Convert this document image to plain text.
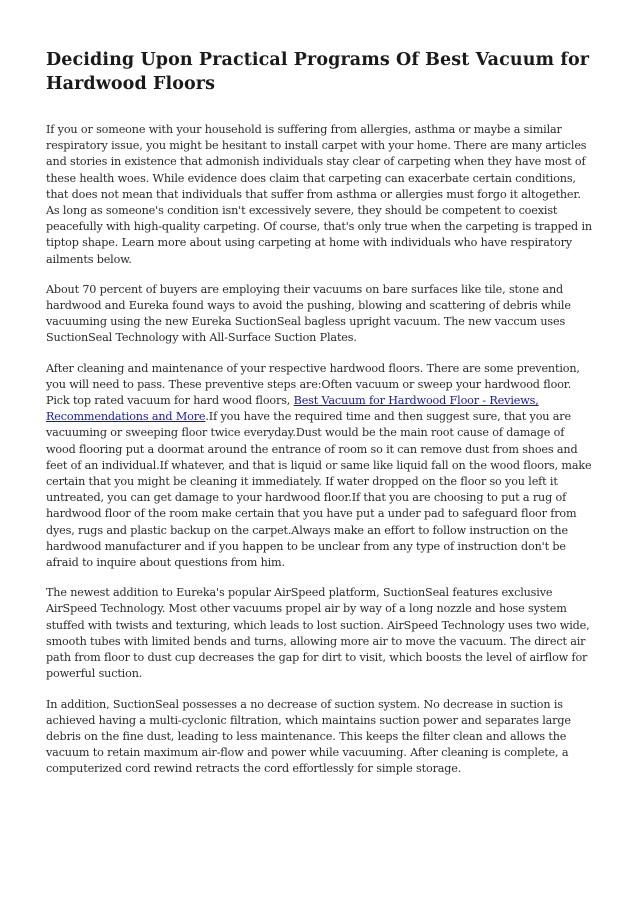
Deciding Upon Practical Programs Of Best Vacuum for Hardwood Floors

If you or someone with your household is suffering from allergies, asthma or maybe a similar respiratory issue, you might be hesitant to install carpet with your home. There are many articles and stories in existence that admonish individuals stay clear of carpeting when they have most of these health woes. While evidence does claim that carpeting can exacerbate certain conditions, that does not mean that individuals that suffer from asthma or allergies must forgo it altogether. As long as someone's condition isn't excessively severe, they should be competent to coexist peacefully with high-quality carpeting. Of course, that's only true when the carpeting is trapped in tiptop shape. Learn more about using carpeting at home with individuals who have respiratory ailments below.

About 70 percent of buyers are employing their vacuums on bare surfaces like tile, stone and hardwood and Eureka found ways to avoid the pushing, blowing and scattering of debris while vacuuming using the new Eureka SuctionSeal bagless upright vacuum. The new vaccum uses SuctionSeal Technology with All-Surface Suction Plates.

After cleaning and maintenance of your respective hardwood floors. There are some prevention, you will need to pass. These preventive steps are:Often vacuum or sweep your hardwood floor. Pick top rated vacuum for hard wood floors, Best Vacuum for Hardwood Floor - Reviews, Recommendations and More.If you have the required time and then suggest sure, that you are vacuuming or sweeping floor twice everyday.Dust would be the main root cause of damage of wood flooring put a doormat around the entrance of room so it can remove dust from shoes and feet of an individual.If whatever, and that is liquid or same like liquid fall on the wood floors, make certain that you might be cleaning it immediately. If water dropped on the floor so you left it untreated, you can get damage to your hardwood floor.If that you are choosing to put a rug of hardwood floor of the room make certain that you have put a under pad to safeguard floor from dyes, rugs and plastic backup on the carpet.Always make an effort to follow instruction on the hardwood manufacturer and if you happen to be unclear from any type of instruction don't be afraid to inquire about questions from him.

The newest addition to Eureka's popular AirSpeed platform, SuctionSeal features exclusive AirSpeed Technology. Most other vacuums propel air by way of a long nozzle and hose system stuffed with twists and texturing, which leads to lost suction. AirSpeed Technology uses two wide, smooth tubes with limited bends and turns, allowing more air to move the vacuum. The direct air path from floor to dust cup decreases the gap for dirt to visit, which boosts the level of airflow for powerful suction.

In addition, SuctionSeal possesses a no decrease of suction system. No decrease in suction is achieved having a multi-cyclonic filtration, which maintains suction power and separates large debris on the fine dust, leading to less maintenance. This keeps the filter clean and allows the vacuum to retain maximum air-flow and power while vacuuming. After cleaning is complete, a computerized cord rewind retracts the cord effortlessly for simple storage.
